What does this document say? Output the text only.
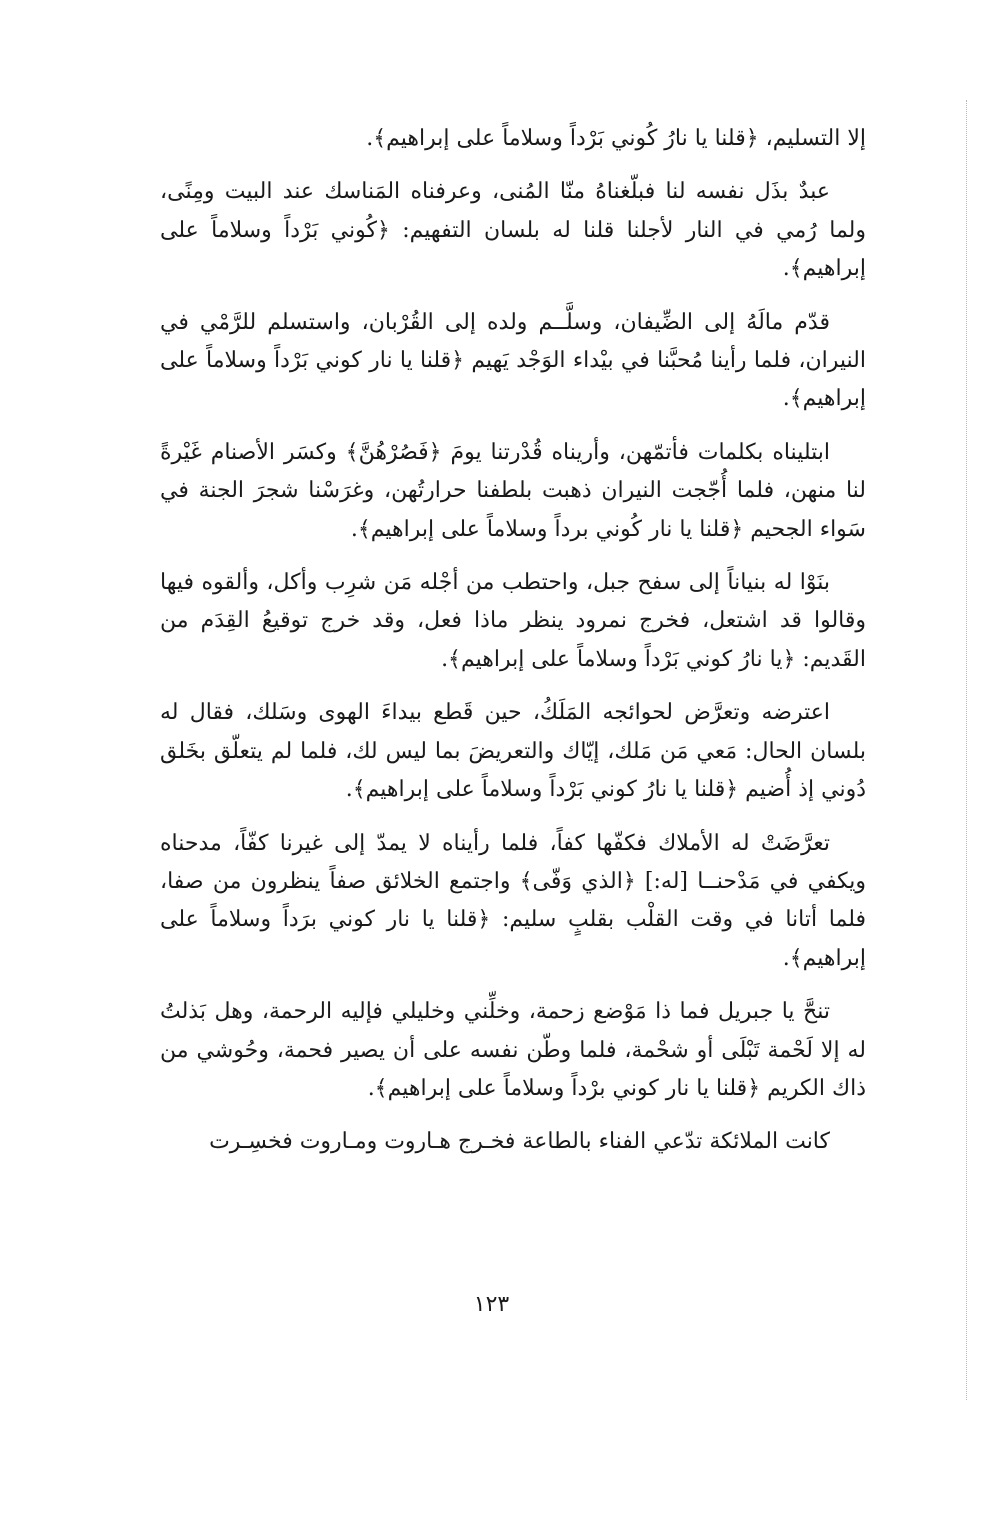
إلا التسليم، ﴿قلنا يا نارُ كُوني بَرْداً وسلاماً على إبراهيم﴾.

عبدٌ بذَل نفسه لنا فبلّغناهُ منّا المُنى، وعرفناه المَناسك عند البيت ومِنًى، ولما رُمي في النار لأجلنا قلنا له بلسان التفهيم: ﴿كُوني بَرْداً وسلاماً على إبراهيم﴾.

قدّم مالَهُ إلى الضِّيفان، وسلَّــم ولده إلى القُرْبان، واستسلم للرَّمْي في النيران، فلما رأينا مُحبَّنا في بيْداء الوَجْد يَهيم ﴿قلنا يا نار كوني بَرْداً وسلاماً على إبراهيم﴾.

ابتليناه بكلمات فأتمّهن، وأريناه قُدْرتنا يومَ ﴿فَصُرْهُنَّ﴾ وكسَر الأصنام غَيْرةً لنا منهن، فلما أُجّجت النيران ذهبت بلطفنا حرارتُهن، وغرَسْنا شجرَ الجنة في سَواء الجحيم ﴿قلنا يا نار كُوني برداً وسلاماً على إبراهيم﴾.

بنَوْا له بنياناً إلى سفح جبل، واحتطب من أجْله مَن شرِب وأكل، وألقوه فيها وقالوا قد اشتعل، فخرج نمرود ينظر ماذا فعل، وقد خرج توقيعُ القِدَم من القَديم: ﴿يا نارُ كوني بَرْداً وسلاماً على إبراهيم﴾.

اعترضه وتعرَّض لحوائجه المَلَكُ، حين قَطع بيداءَ الهوى وسَلك، فقال له بلسان الحال: مَعي مَن مَلك، إيّاك والتعريضَ بما ليس لك، فلما لم يتعلّق بخَلق دُوني إذ أُضيم ﴿قلنا يا نارُ كوني بَرْداً وسلاماً على إبراهيم﴾.

تعرَّضَتْ له الأملاك فكفّها كفاً، فلما رأيناه لا يمدّ إلى غيرنا كفّاً، مدحناه ويكفي في مَدْحنــا [له:] ﴿الذي وَفّى﴾ واجتمع الخلائق صفاً ينظرون من صفا، فلما أتانا في وقت القلْب بقلبٍ سليم: ﴿قلنا يا نار كوني برَداً وسلاماً على إبراهيم﴾.

تنحَّ يا جبريل فما ذا مَوْضع زحمة، وخلِّني وخليلي فإليه الرحمة، وهل بَذلتُ له إلا لَحْمة تَبْلَى أو شحْمة، فلما وطّن نفسه على أن يصير فحمة، وحُوشي من ذاك الكريم ﴿قلنا يا نار كوني برْداً وسلاماً على إبراهيم﴾.

كانت الملائكة تدّعي الفناء بالطاعة فخـرج هـاروت ومـاروت فخسِـرت

١٢٣
